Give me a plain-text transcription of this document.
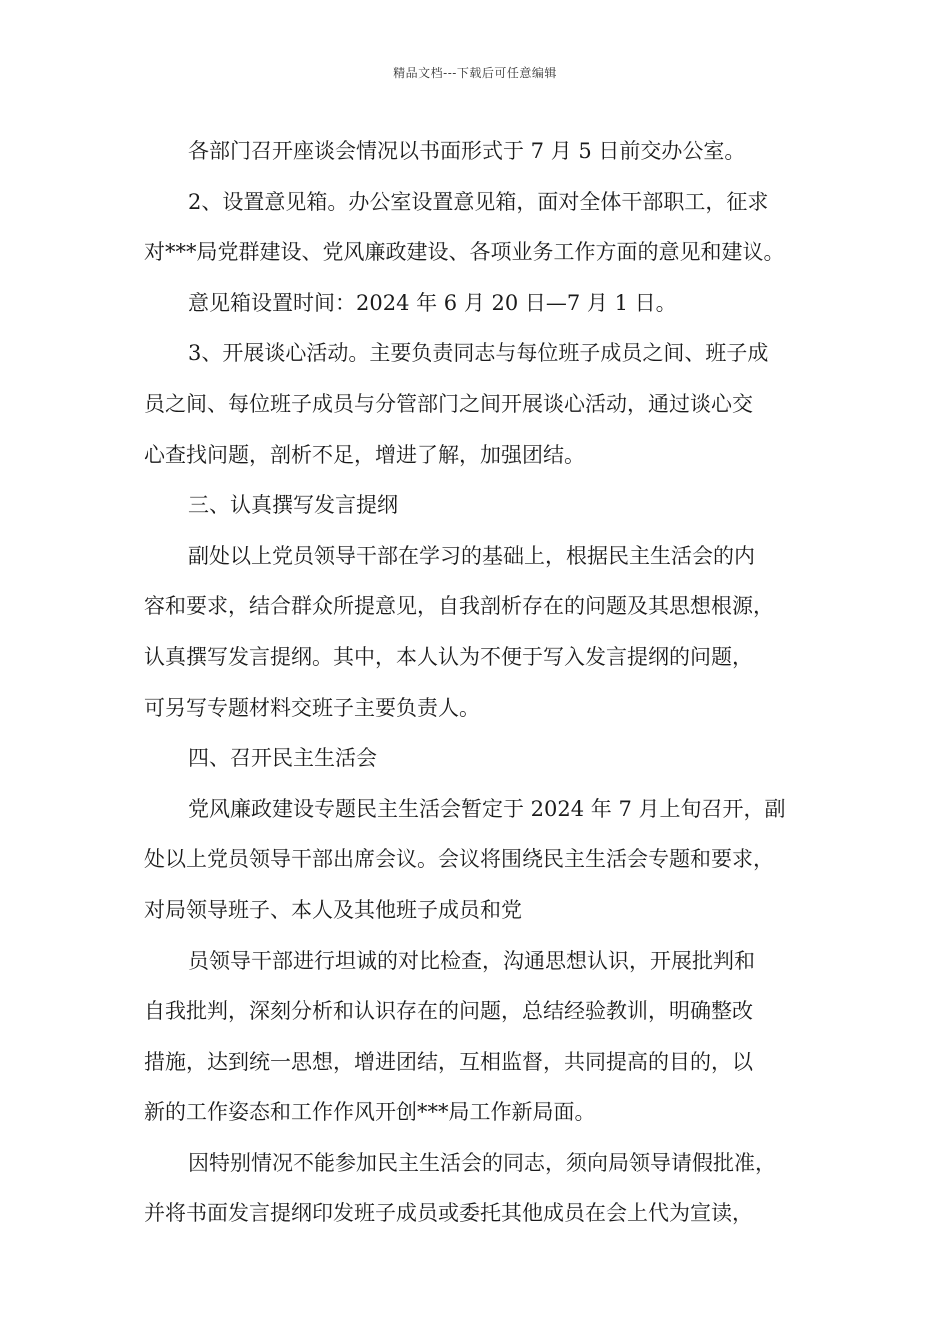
精品文档---下载后可任意编辑
各部门召开座谈会情况以书面形式于 7 月 5 日前交办公室。
2、设置意见箱。办公室设置意见箱，面对全体干部职工，征求
对***局党群建设、党风廉政建设、各项业务工作方面的意见和建议。
意见箱设置时间：2024 年 6 月 20 日—7 月 1 日。
3、开展谈心活动。主要负责同志与每位班子成员之间、班子成
员之间、每位班子成员与分管部门之间开展谈心活动，通过谈心交
心查找问题，剖析不足，增进了解，加强团结。
三、认真撰写发言提纲
副处以上党员领导干部在学习的基础上，根据民主生活会的内
容和要求，结合群众所提意见，自我剖析存在的问题及其思想根源，
认真撰写发言提纲。其中，本人认为不便于写入发言提纲的问题，
可另写专题材料交班子主要负责人。
四、召开民主生活会
党风廉政建设专题民主生活会暂定于 2024 年 7 月上旬召开，副
处以上党员领导干部出席会议。会议将围绕民主生活会专题和要求，
对局领导班子、本人及其他班子成员和党
员领导干部进行坦诚的对比检查，沟通思想认识，开展批判和
自我批判，深刻分析和认识存在的问题，总结经验教训，明确整改
措施，达到统一思想，增进团结，互相监督，共同提高的目的，以
新的工作姿态和工作作风开创***局工作新局面。
因特别情况不能参加民主生活会的同志，须向局领导请假批准，
并将书面发言提纲印发班子成员或委托其他成员在会上代为宣读，
